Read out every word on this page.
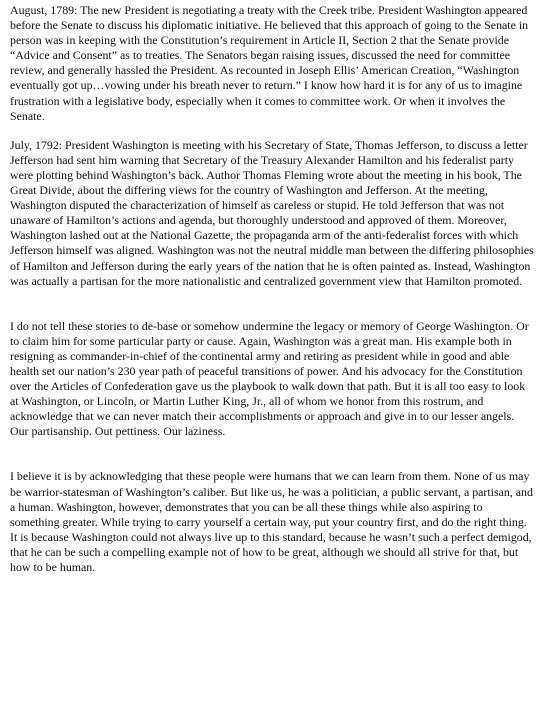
August, 1789: The new President is negotiating a treaty with the Creek tribe. President Washington appeared before the Senate to discuss his diplomatic initiative. He believed that this approach of going to the Senate in person was in keeping with the Constitution’s requirement in Article II, Section 2 that the Senate provide “Advice and Consent” as to treaties. The Senators began raising issues, discussed the need for committee review, and generally hassled the President. As recounted in Joseph Ellis’ American Creation, “Washington eventually got up…vowing under his breath never to return.” I know how hard it is for any of us to imagine frustration with a legislative body, especially when it comes to committee work. Or when it involves the Senate.

July, 1792: President Washington is meeting with his Secretary of State, Thomas Jefferson, to discuss a letter Jefferson had sent him warning that Secretary of the Treasury Alexander Hamilton and his federalist party were plotting behind Washington’s back. Author Thomas Fleming wrote about the meeting in his book, The Great Divide, about the differing views for the country of Washington and Jefferson. At the meeting, Washington disputed the characterization of himself as careless or stupid. He told Jefferson that was not unaware of Hamilton’s actions and agenda, but thoroughly understood and approved of them. Moreover, Washington lashed out at the National Gazette, the propaganda arm of the anti-federalist forces with which Jefferson himself was aligned. Washington was not the neutral middle man between the differing philosophies of Hamilton and Jefferson during the early years of the nation that he is often painted as. Instead, Washington was actually a partisan for the more nationalistic and centralized government view that Hamilton promoted.

I do not tell these stories to de-base or somehow undermine the legacy or memory of George Washington. Or to claim him for some particular party or cause. Again, Washington was a great man. His example both in resigning as commander-in-chief of the continental army and retiring as president while in good and able health set our nation’s 230 year path of peaceful transitions of power. And his advocacy for the Constitution over the Articles of Confederation gave us the playbook to walk down that path. But it is all too easy to look at Washington, or Lincoln, or Martin Luther King, Jr., all of whom we honor from this rostrum, and acknowledge that we can never match their accomplishments or approach and give in to our lesser angels. Our partisanship. Out pettiness. Our laziness.

I believe it is by acknowledging that these people were humans that we can learn from them. None of us may be warrior-statesman of Washington’s caliber. But like us, he was a politician, a public servant, a partisan, and a human. Washington, however, demonstrates that you can be all these things while also aspiring to something greater. While trying to carry yourself a certain way, put your country first, and do the right thing. It is because Washington could not always live up to this standard, because he wasn’t such a perfect demigod, that he can be such a compelling example not of how to be great, although we should all strive for that, but how to be human.
